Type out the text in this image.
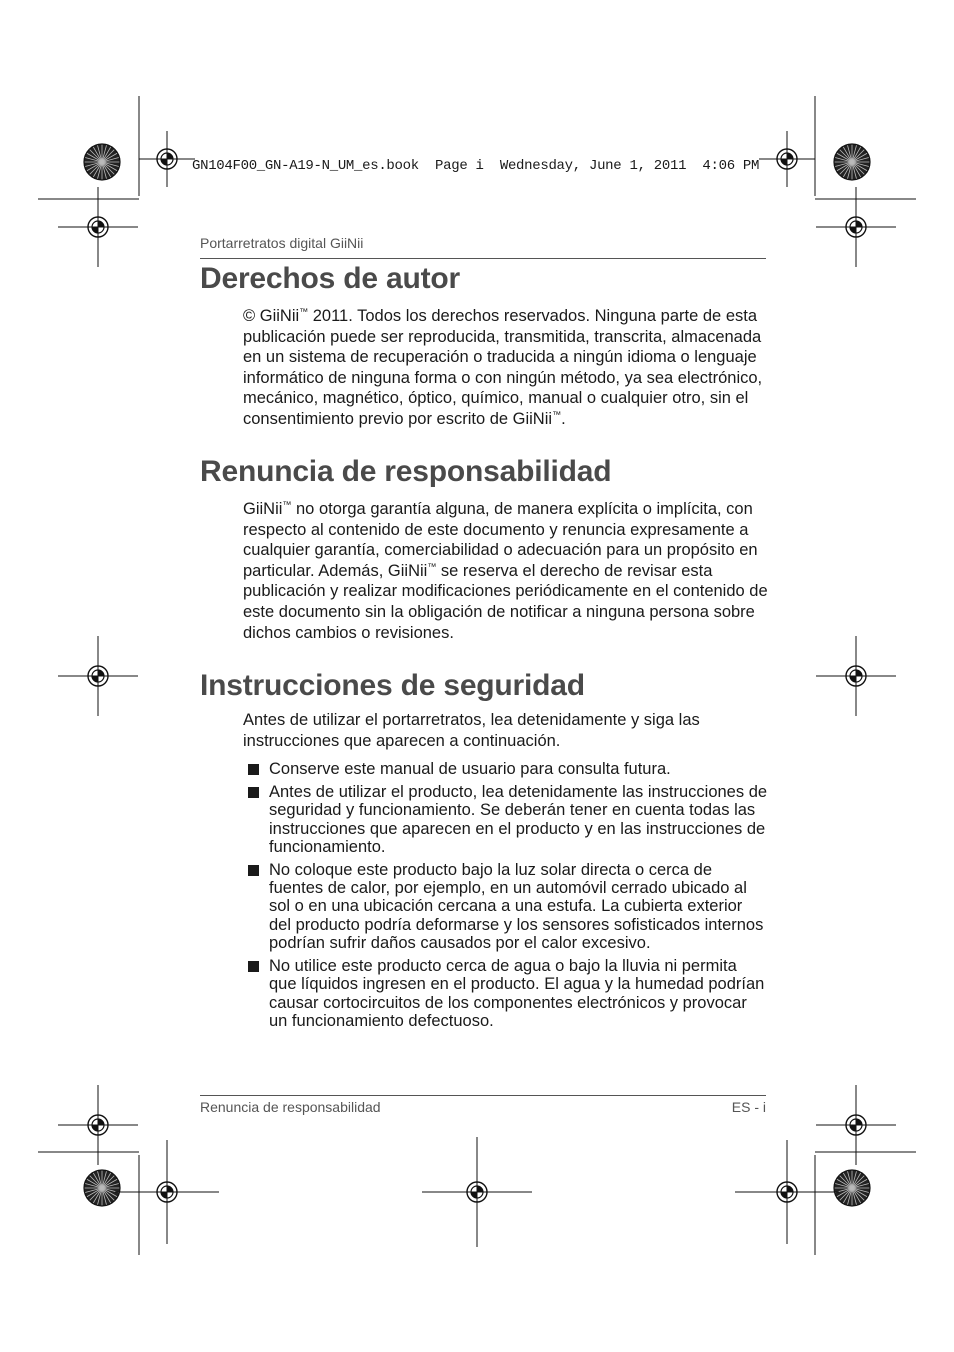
GN104F00_GN-A19-N_UM_es.book  Page i  Wednesday, June 1, 2011  4:06 PM
Portarretratos digital GiiNii
Derechos de autor

© GiiNii™ 2011. Todos los derechos reservados. Ninguna parte de esta publicación puede ser reproducida, transmitida, transcrita, almacenada en un sistema de recuperación o traducida a ningún idioma o lenguaje informático de ninguna forma o con ningún método, ya sea electrónico, mecánico, magnético, óptico, químico, manual o cualquier otro, sin el consentimiento previo por escrito de GiiNii™.

Renuncia de responsabilidad

GiiNii™ no otorga garantía alguna, de manera explícita o implícita, con respecto al contenido de este documento y renuncia expresamente a cualquier garantía, comerciabilidad o adecuación para un propósito en particular. Además, GiiNii™ se reserva el derecho de revisar esta publicación y realizar modificaciones periódicamente en el contenido de este documento sin la obligación de notificar a ninguna persona sobre dichos cambios o revisiones.

Instrucciones de seguridad

Antes de utilizar el portarretratos, lea detenidamente y siga las instrucciones que aparecen a continuación.

Conserve este manual de usuario para consulta futura.
Antes de utilizar el producto, lea detenidamente las instrucciones de seguridad y funcionamiento. Se deberán tener en cuenta todas las instrucciones que aparecen en el producto y en las instrucciones de funcionamiento.
No coloque este producto bajo la luz solar directa o cerca de fuentes de calor, por ejemplo, en un automóvil cerrado ubicado al sol o en una ubicación cercana a una estufa. La cubierta exterior del producto podría deformarse y los sensores sofisticados internos podrían sufrir daños causados por el calor excesivo.
No utilice este producto cerca de agua o bajo la lluvia ni permita que líquidos ingresen en el producto. El agua y la humedad podrían causar cortocircuitos de los componentes electrónicos y provocar un funcionamiento defectuoso.
Renuncia de responsabilidad	ES - i
